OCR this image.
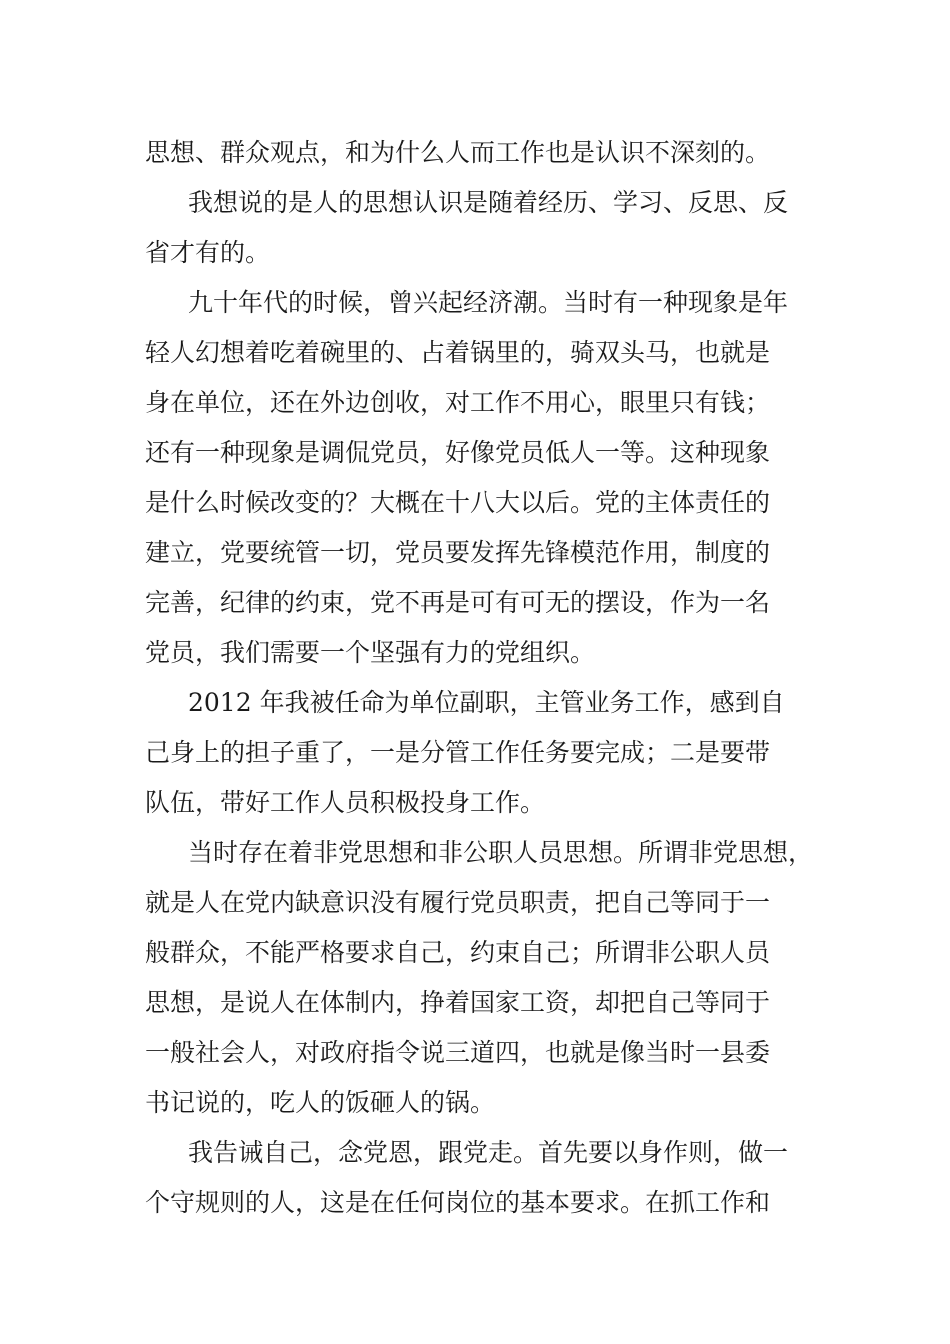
思想、群众观点，和为什么人而工作也是认识不深刻的。

我想说的是人的思想认识是随着经历、学习、反思、反
省才有的。

九十年代的时候，曾兴起经济潮。当时有一种现象是年
轻人幻想着吃着碗里的、占着锅里的，骑双头马，也就是
身在单位，还在外边创收，对工作不用心，眼里只有钱；
还有一种现象是调侃党员，好像党员低人一等。这种现象
是什么时候改变的？大概在十八大以后。党的主体责任的
建立，党要统管一切，党员要发挥先锋模范作用，制度的
完善，纪律的约束，党不再是可有可无的摆设，作为一名
党员，我们需要一个坚强有力的党组织。

2012 年我被任命为单位副职，主管业务工作，感到自
己身上的担子重了，一是分管工作任务要完成；二是要带
队伍，带好工作人员积极投身工作。

当时存在着非党思想和非公职人员思想。所谓非党思想，
就是人在党内缺意识没有履行党员职责，把自己等同于一
般群众，不能严格要求自己，约束自己；所谓非公职人员
思想，是说人在体制内，挣着国家工资，却把自己等同于
一般社会人，对政府指令说三道四，也就是像当时一县委
书记说的，吃人的饭砸人的锅。

我告诫自己，念党恩，跟党走。首先要以身作则，做一
个守规则的人，这是在任何岗位的基本要求。在抓工作和
